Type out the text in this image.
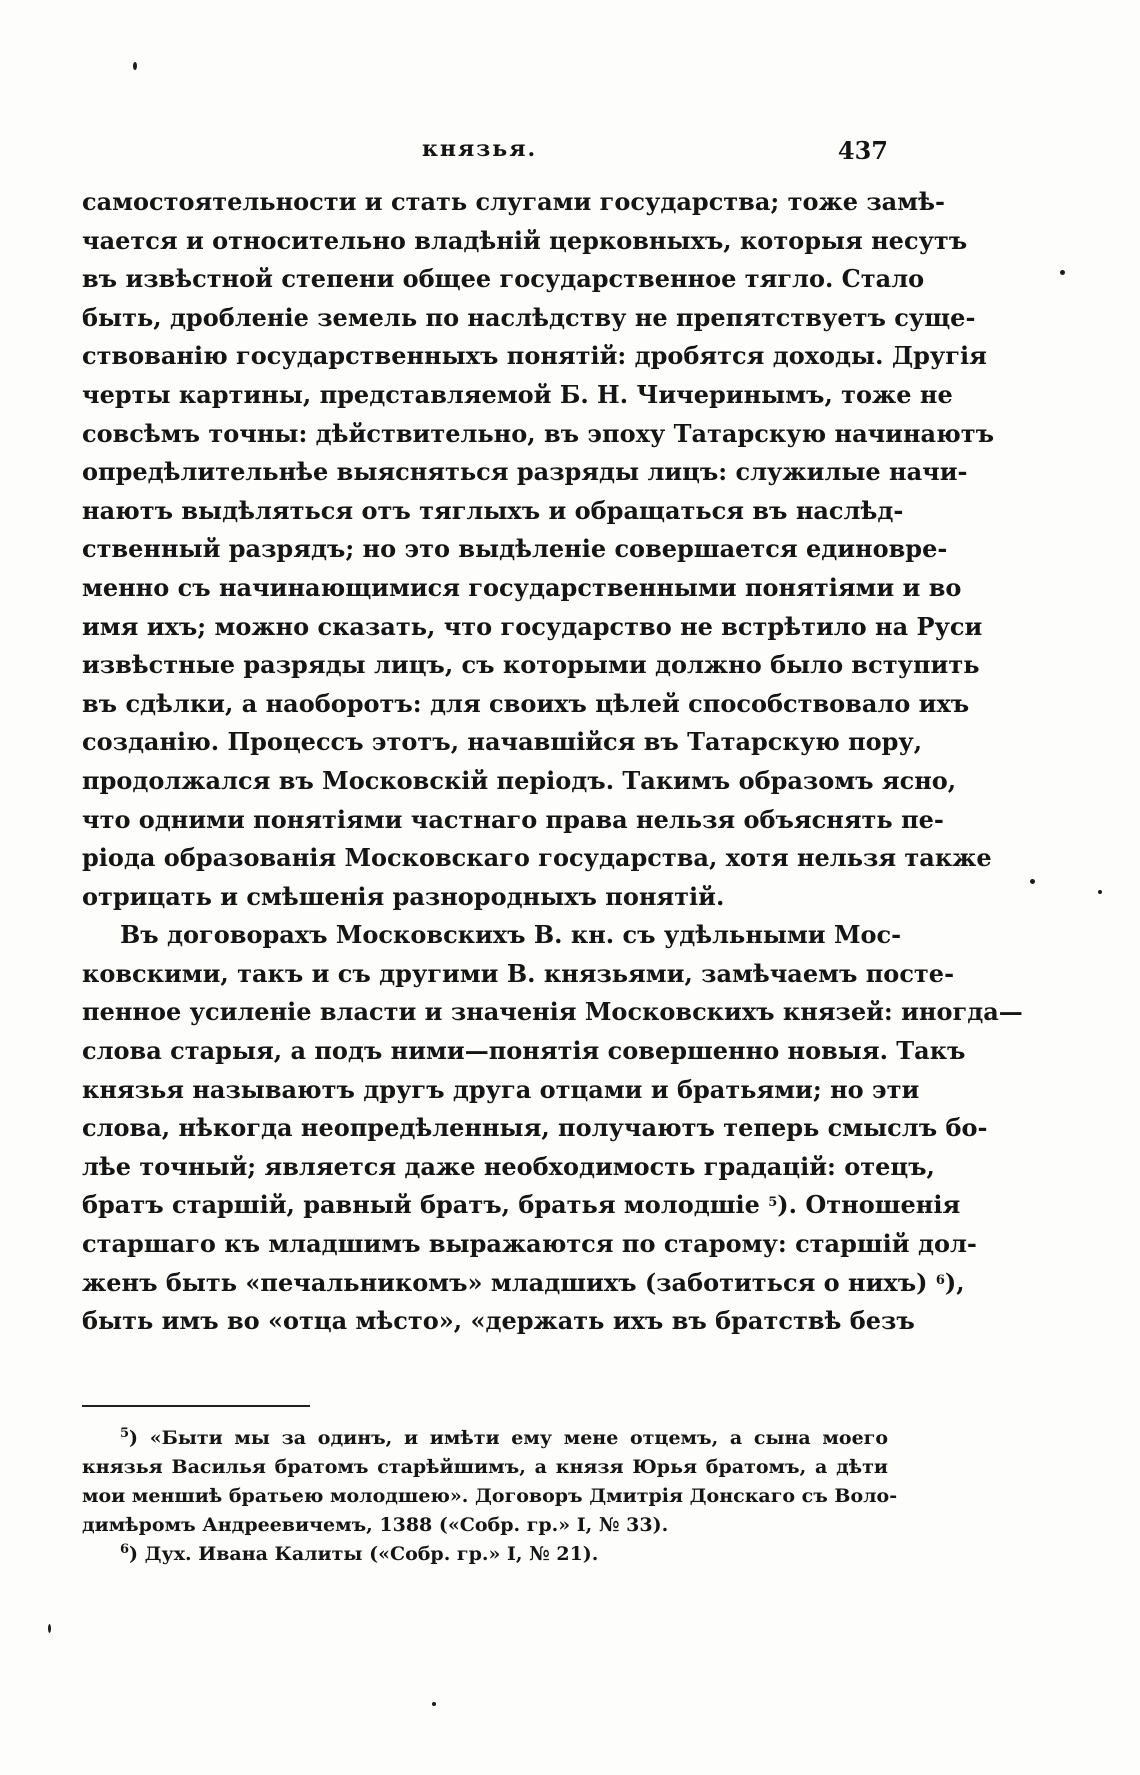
князья.	437
самостоятельности и стать слугами государства; тоже замѣ-
чается и относительно владѣній церковныхъ, которыя несутъ
въ извѣстной степени общее государственное тягло. Стало
быть, дробленіе земель по наслѣдству не препятствуетъ суще-
ствованію государственныхъ понятій: дробятся доходы. Другія
черты картины, представляемой Б. Н. Чичеринымъ, тоже не
совсѣмъ точны: дѣйствительно, въ эпоху Татарскую начинаютъ
опредѣлительнѣе выясняться разряды лицъ: служилые начи-
наютъ выдѣляться отъ тяглыхъ и обращаться въ наслѣд-
ственный разрядъ; но это выдѣленіе совершается единовре-
менно съ начинающимися государственными понятіями и во
имя ихъ; можно сказать, что государство не встрѣтило на Руси
извѣстные разряды лицъ, съ которыми должно было вступить
въ сдѣлки, а наоборотъ: для своихъ цѣлей способствовало ихъ
созданію. Процессъ этотъ, начавшійся въ Татарскую пору,
продолжался въ Московскій періодъ. Такимъ образомъ ясно,
что одними понятіями частнаго права нельзя объяснять пе-
ріода образованія Московскаго государства, хотя нельзя также
отрицать и смѣшенія разнородныхъ понятій.
Въ договорахъ Московскихъ В. кн. съ удѣльными Мос-
ковскими, такъ и съ другими В. князьями, замѣчаемъ посте-
пенное усиленіе власти и значенія Московскихъ князей: иногда—
слова старыя, а подъ ними—понятія совершенно новыя. Такъ
князья называютъ другъ друга отцами и братьями; но эти
слова, нѣкогда неопредѣленныя, получаютъ теперь смыслъ бо-
лѣе точный; является даже необходимость градацій: отецъ,
братъ старшій, равный братъ, братья молодшіе $^5$). Отношенія
старшаго къ младшимъ выражаются по старому: старшій дол-
женъ быть «печальникомъ» младшихъ (заботиться о нихъ) $^6$),
быть имъ во «отца мѣсто», «держать ихъ въ братствѣ безъ
$^5$) «Быти мы за одинъ, и имѣти ему мене отцемъ, а сына моего
князья Василья братомъ старѣйшимъ, а князя Юрья братомъ, а дѣти
мои меншиѣ братьею молодшею». Договоръ Дмитрія Донскаго съ Воло-
димѣромъ Андреевичемъ, 1388 («Собр. гр.» I, № 33).
$^6$) Дух. Ивана Калиты («Собр. гр.» I, № 21).
